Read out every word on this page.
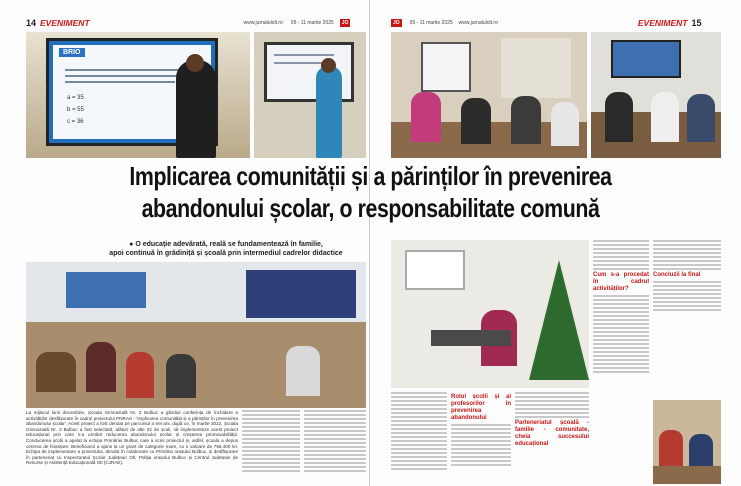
14 EVENIMENT	www.jurnalulolt.ro 05 - 11 martie 2025	JO
BRIO
a = 35
b = 55
c = 36
● O educație adevărată, reală se fundamentează în familie,
apoi continuă în grădiniță și școală prin intermediul cadrelor didactice
La mijlocul lunii decembrie, Școala Gimnazială Nr. 3 Bulbuc a găzduit conferința de închidere a activităților desfășurate în cadrul proiectului PNRAS - 'Implicarea comunității și a părinților în prevenirea abandonului școlar'. Acest proiect a fost derulat pe parcursul a trei ani, după ce, în martie 2022, Școala Gimnazială Nr. 3 Bulbuc a fost selectată, alături de alte 22 de școli, să implementeze acest proiect educațional prin care s-a urmărit reducerea abandonului școlar și creșterea promovabilității. Conducerea școlii a apelat la echipa Primăriei Bulbuc care a scris proiectul și, astfel, școala a depus cererea de finanțare. Beneficiarul a ajuns la un grant de categorie mare, cu o valoare de 756.400 lei. Echipa de implementare a proiectului, derulat în colaborare cu Primăria orașului Bulbuc, și desfășurare în parteneriat cu Inspectoratul Școlar Județean Olt, Poliția orașului Bulbuc și Centrul Județean de Resurse și Asistență Educațională Olt (CJRAE).
JO	05 - 11 martie 2025 www.jurnalulolt.ro	EVENIMENT 15
Rolul școlii și al profesorilor în prevenirea abandonului
Parteneriatul școală - familie - comunitate, cheia succesului educațional
Cum s-a procedat în cadrul activităților?
Concluzii la final
Implicarea comunității și a părinților în prevenirea
abandonului școlar, o responsabilitate comună
